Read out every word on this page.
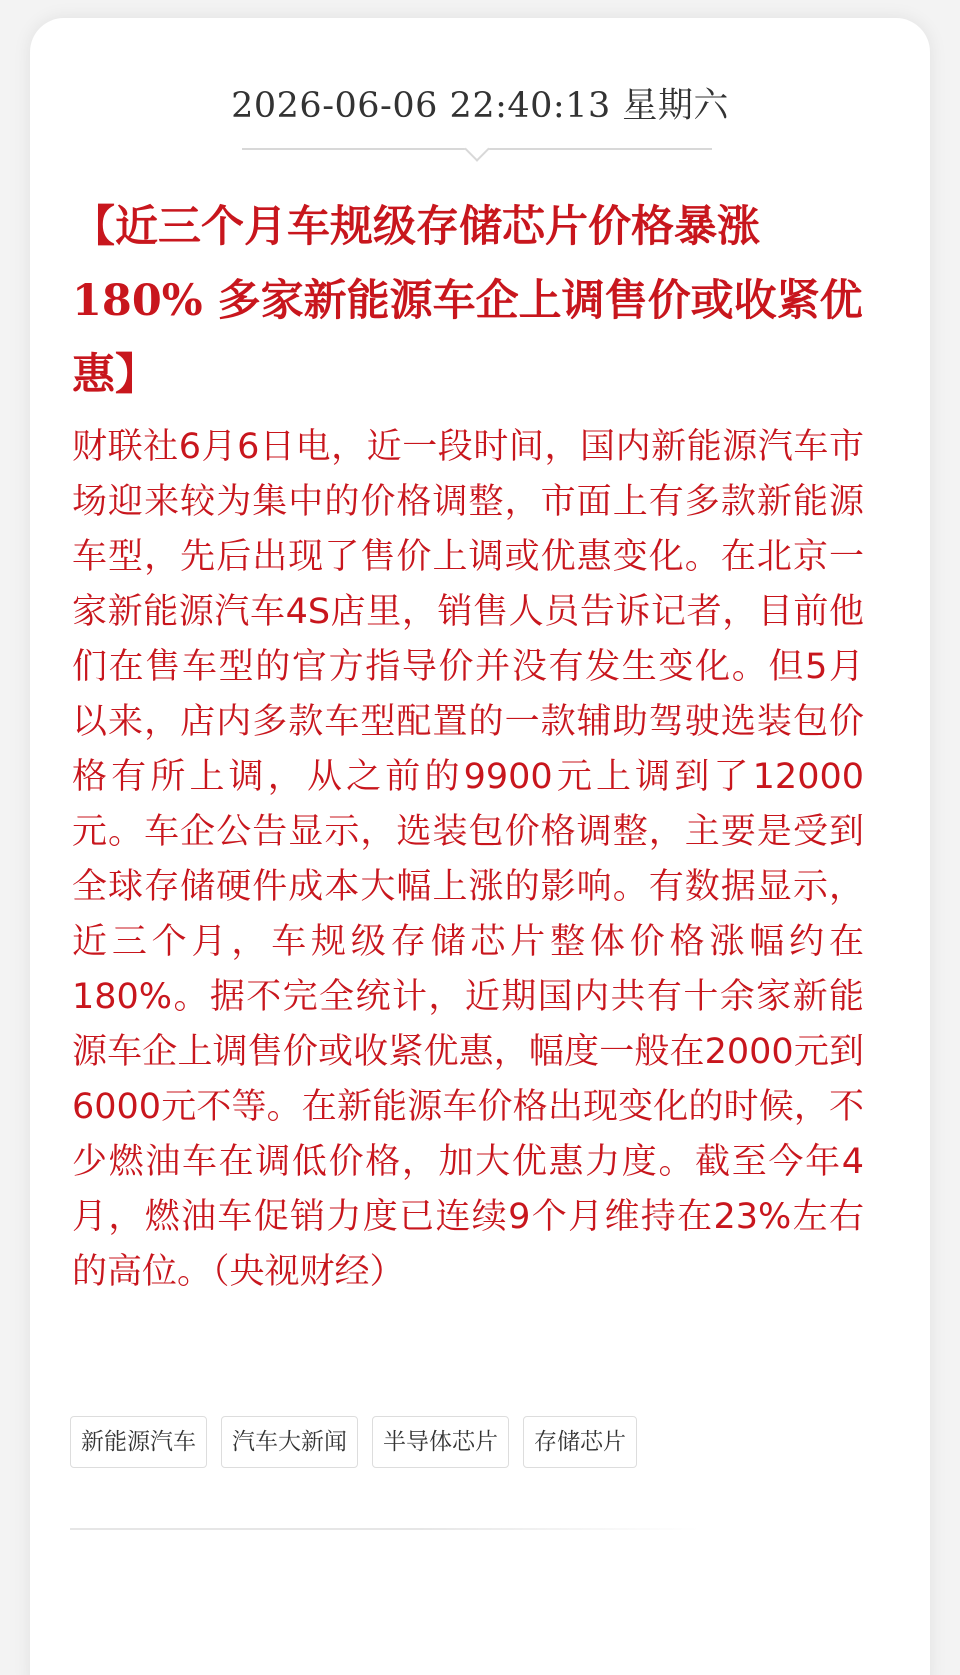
2026-06-06 22:40:13 星期六
【近三个月车规级存储芯片价格暴涨180% 多家新能源车企上调售价或收紧优惠】

财联社6月6日电，近一段时间，国内新能源汽车市场迎来较为集中的价格调整，市面上有多款新能源车型，先后出现了售价上调或优惠变化。在北京一家新能源汽车4S店里，销售人员告诉记者，目前他们在售车型的官方指导价并没有发生变化。但5月以来，店内多款车型配置的一款辅助驾驶选装包价格有所上调，从之前的9900元上调到了12000元。车企公告显示，选装包价格调整，主要是受到全球存储硬件成本大幅上涨的影响。有数据显示，近三个月，车规级存储芯片整体价格涨幅约在180%。据不完全统计，近期国内共有十余家新能源车企上调售价或收紧优惠，幅度一般在2000元到6000元不等。在新能源车价格出现变化的时候，不少燃油车在调低价格，加大优惠力度。截至今年4月，燃油车促销力度已连续9个月维持在23%左右的高位。（央视财经）

新能源汽车	汽车大新闻	半导体芯片	存储芯片
